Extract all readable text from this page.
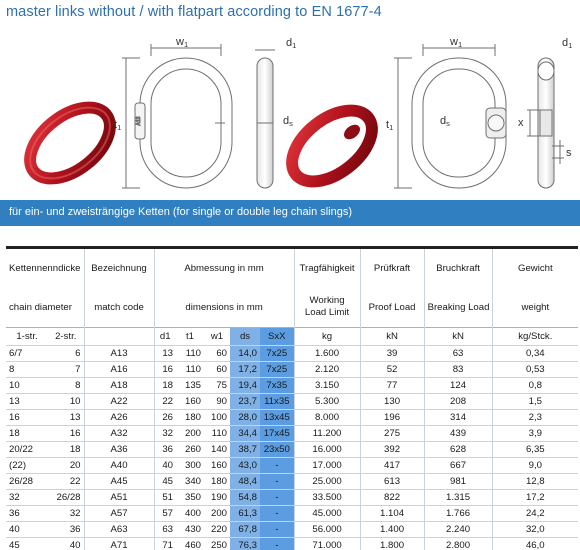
master links without / with flatpart according to EN 1677-4
A13
w1	d1
t1
ds
w1	d1
t1
ds	x
s
für ein- und zweisträngige Ketten (for single or double leg chain slings)
Kettennenndicke		Bezeichnung	Abmessung in mm					Tragfähigkeit	Prüfkraft	Bruchkraft	Gewicht
chain diameter		match code	dimensions in mm					Working Load Limit	Proof Load	Breaking Load	weight
1-str.	2-str.		d1	t1	w1	ds	SxX	kg	kN	kN	kg/Stck.
6/7	6	A13	13	110	60	14,0	7x25	1.600	39	63	0,34
8	7	A16	16	110	60	17,2	7x25	2.120	52	83	0,53
10	8	A18	18	135	75	19,4	7x35	3.150	77	124	0,8
13	10	A22	22	160	90	23,7	11x35	5.300	130	208	1,5
16	13	A26	26	180	100	28,0	13x45	8.000	196	314	2,3
18	16	A32	32	200	110	34,4	17x45	11.200	275	439	3,9
20/22	18	A36	36	260	140	38,7	23x50	16.000	392	628	6,35
(22)	20	A40	40	300	160	43,0	-	17.000	417	667	9,0
26/28	22	A45	45	340	180	48,4	-	25.000	613	981	12,8
32	26/28	A51	51	350	190	54,8	-	33.500	822	1.315	17,2
36	32	A57	57	400	200	61,3	-	45.000	1.104	1.766	24,2
40	36	A63	63	430	220	67,8	-	56.000	1.400	2.240	32,0
45	40	A71	71	460	250	76,3	-	71.000	1.800	2.800	46,0
